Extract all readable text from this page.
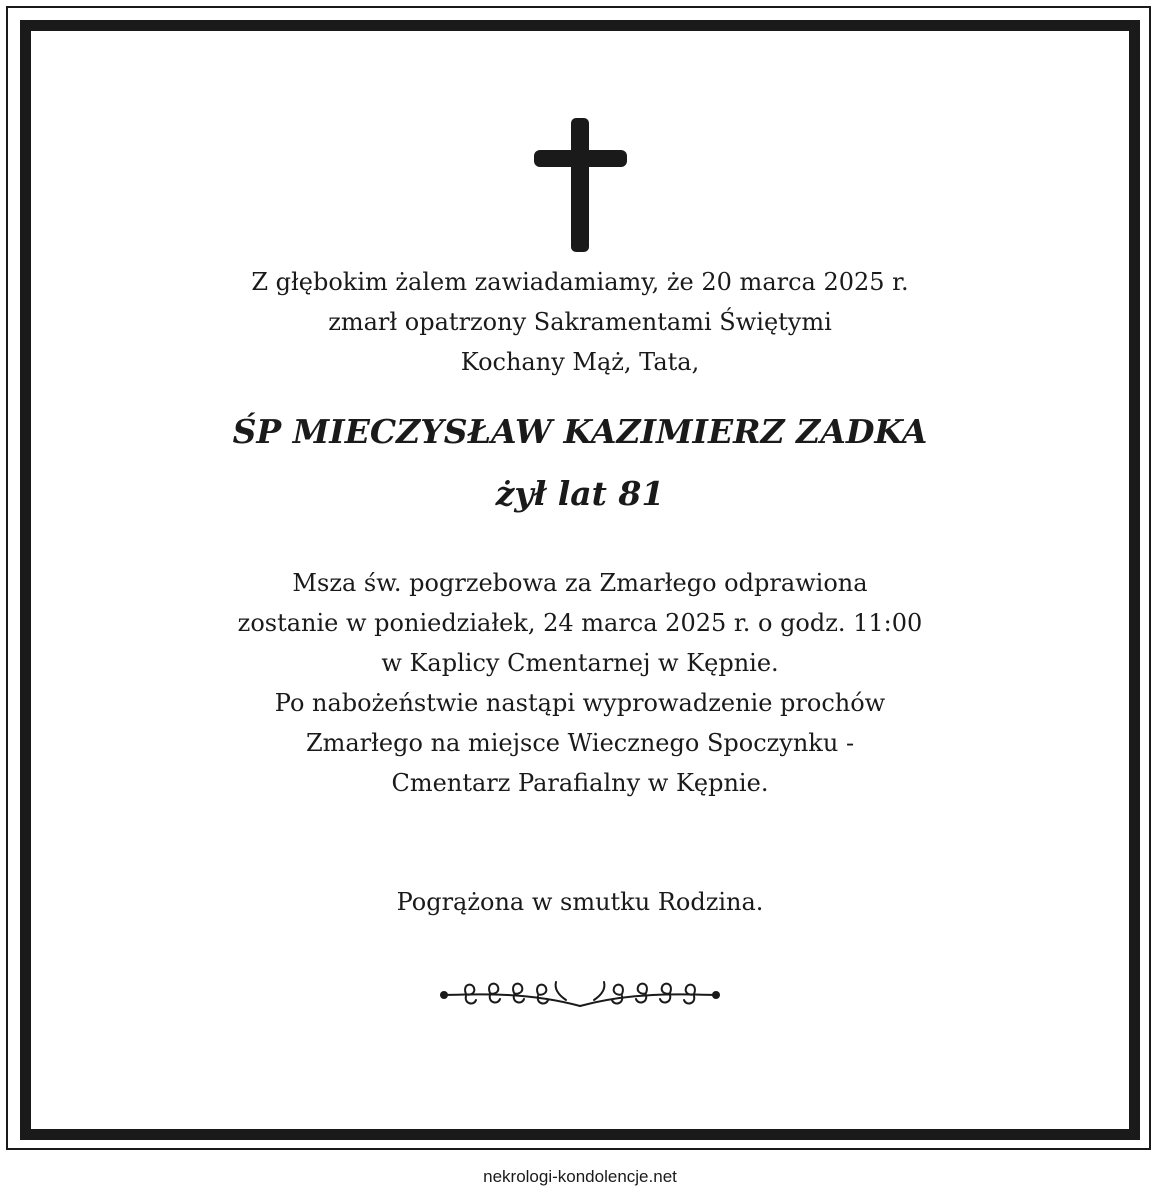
Z głębokim żalem zawiadamiamy, że 20 marca 2025 r.
zmarł opatrzony Sakramentami Świętymi
Kochany Mąż, Tata,
ŚP MIECZYSŁAW KAZIMIERZ ZADKA
żył lat 81
Msza św. pogrzebowa za Zmarłego odprawiona
zostanie w poniedziałek, 24 marca 2025 r. o godz. 11:00
w Kaplicy Cmentarnej w Kępnie.
Po nabożeństwie nastąpi wyprowadzenie prochów
Zmarłego na miejsce Wiecznego Spoczynku -
Cmentarz Parafialny w Kępnie.
Pogrążona w smutku Rodzina.
nekrologi-kondolencje.net
